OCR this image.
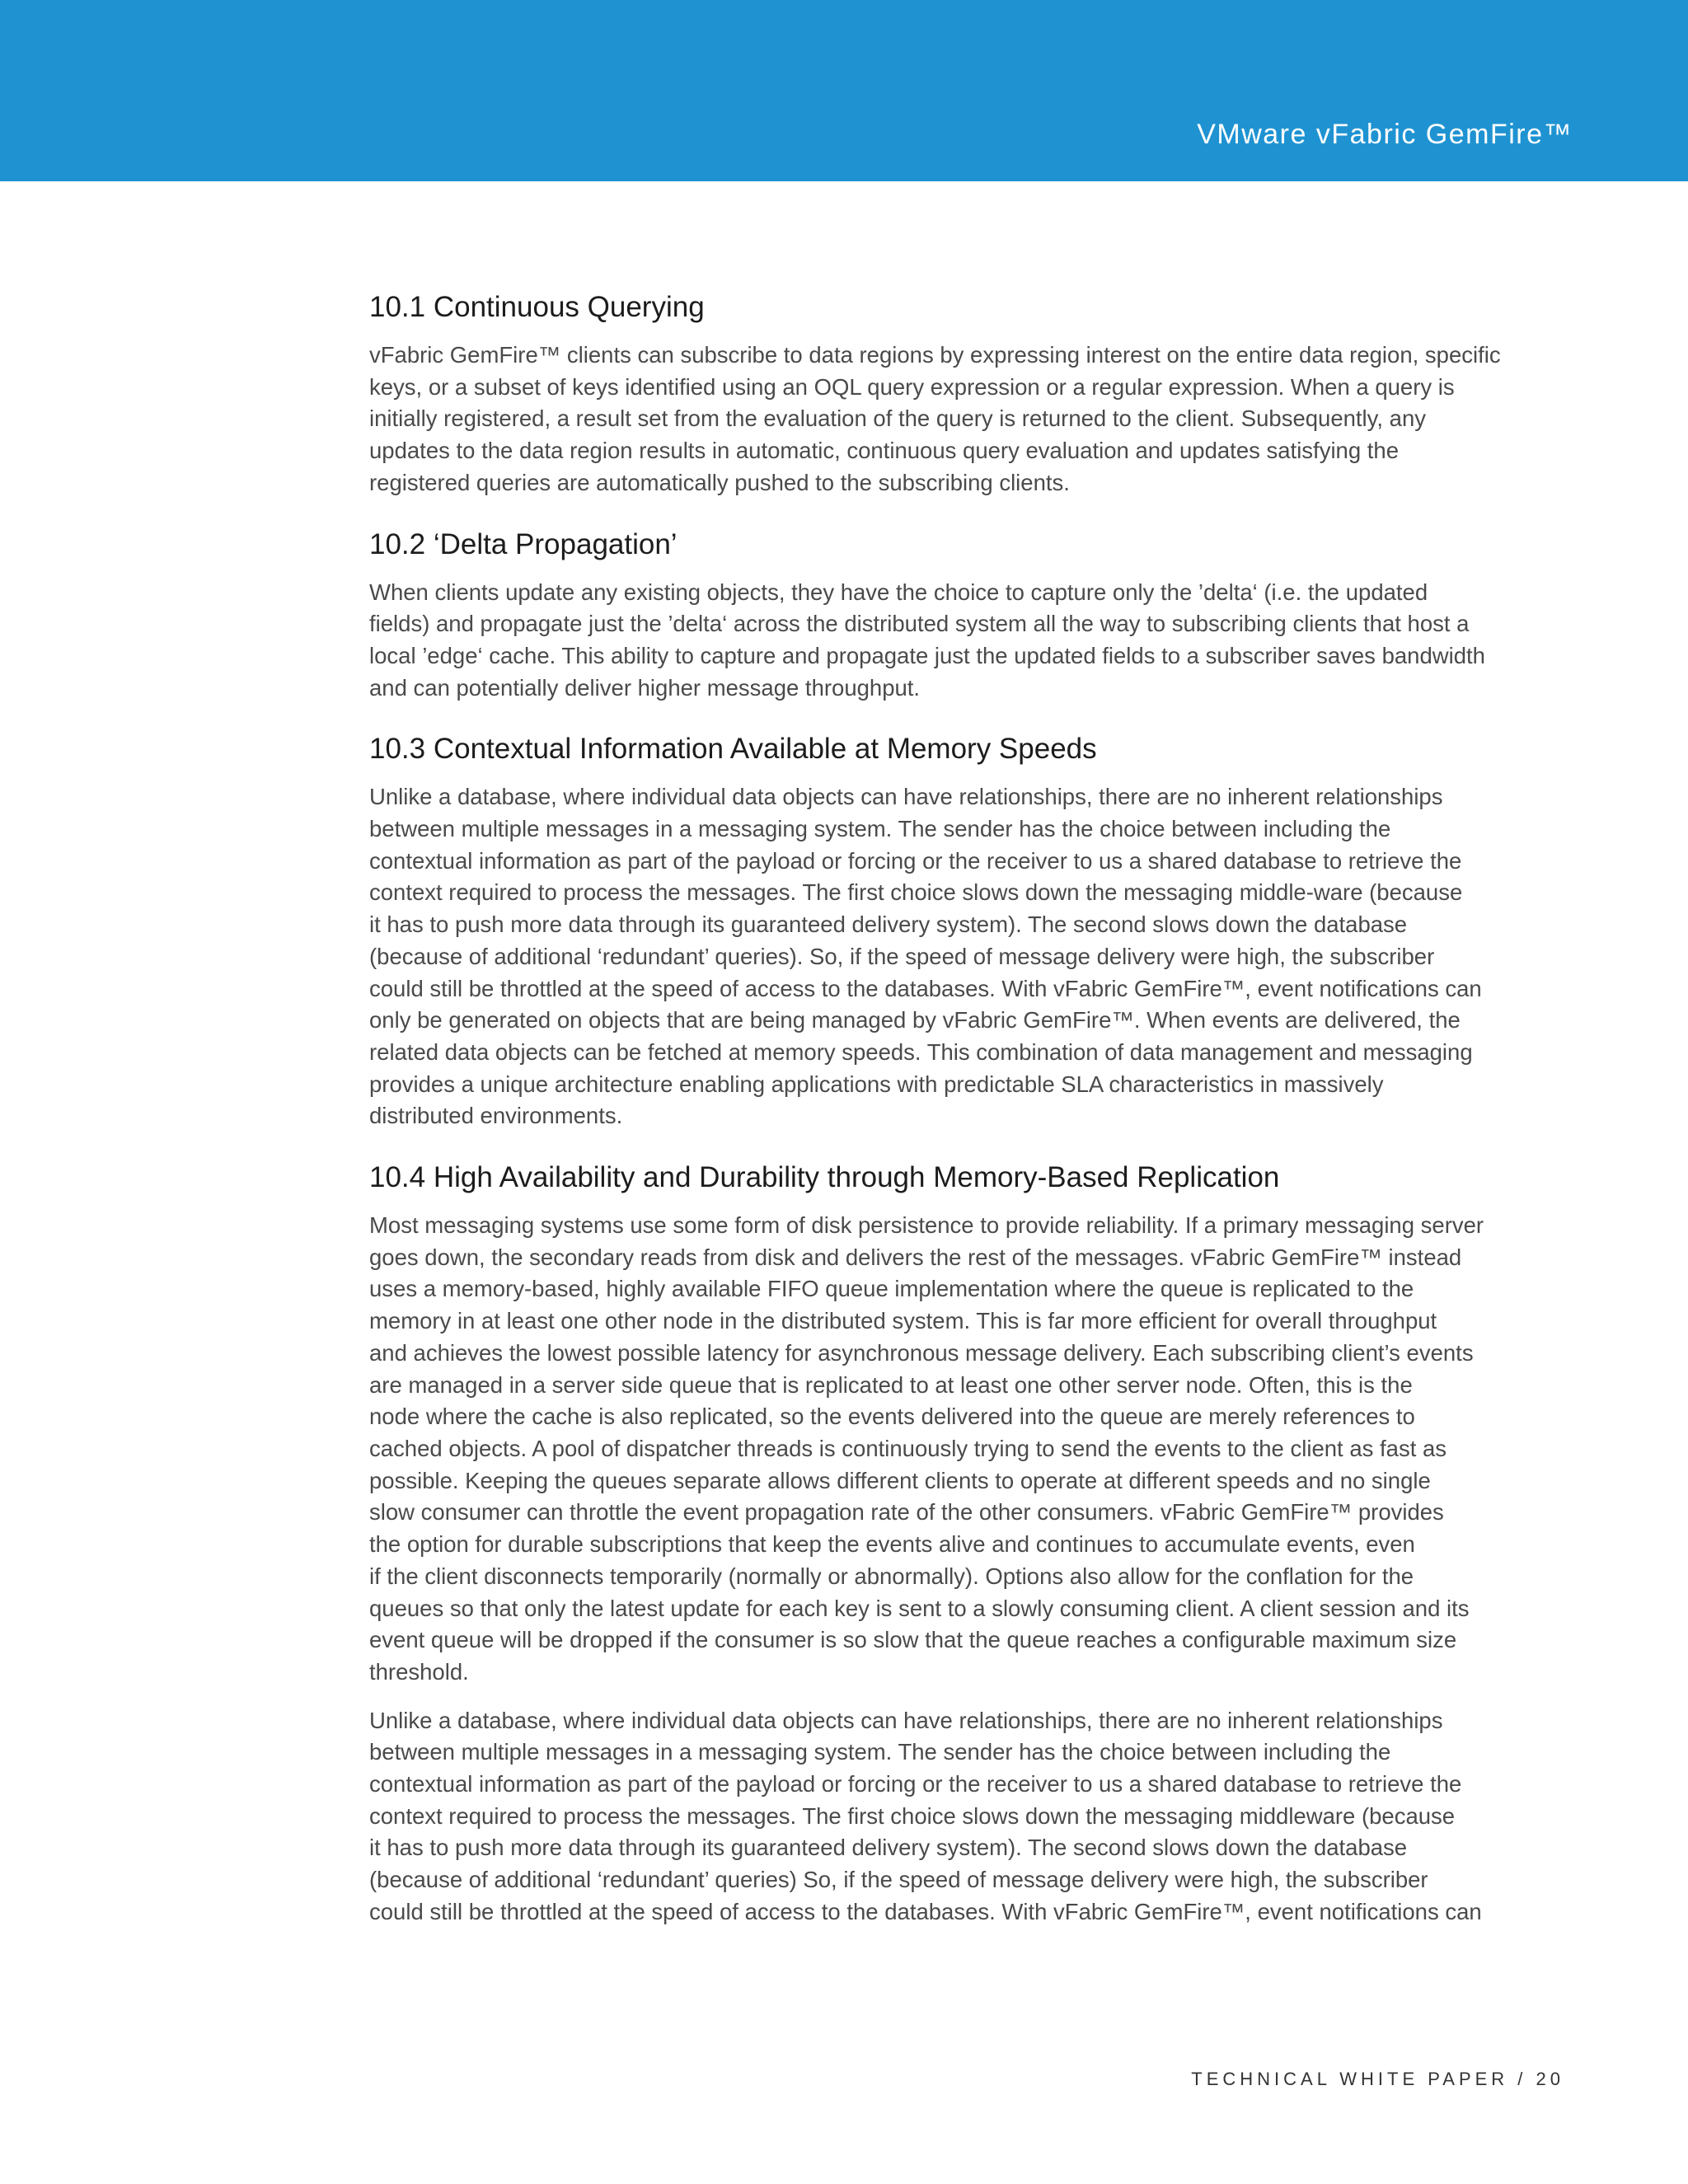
VMware vFabric GemFire™
10.1 Continuous Querying

vFabric GemFire™ clients can subscribe to data regions by expressing interest on the entire data region, specific
keys, or a subset of keys identified using an OQL query expression or a regular expression. When a query is
initially registered, a result set from the evaluation of the query is returned to the client. Subsequently, any
updates to the data region results in automatic, continuous query evaluation and updates satisfying the
registered queries are automatically pushed to the subscribing clients.

10.2 ‘Delta Propagation’

When clients update any existing objects, they have the choice to capture only the ’delta‘ (i.e. the updated
fields) and propagate just the ’delta‘ across the distributed system all the way to subscribing clients that host a
local ’edge‘ cache. This ability to capture and propagate just the updated fields to a subscriber saves bandwidth
and can potentially deliver higher message throughput.

10.3 Contextual Information Available at Memory Speeds

Unlike a database, where individual data objects can have relationships, there are no inherent relationships
between multiple messages in a messaging system. The sender has the choice between including the
contextual information as part of the payload or forcing or the receiver to us a shared database to retrieve the
context required to process the messages. The first choice slows down the messaging middle-ware (because
it has to push more data through its guaranteed delivery system). The second slows down the database
(because of additional ‘redundant’ queries). So, if the speed of message delivery were high, the subscriber
could still be throttled at the speed of access to the databases. With vFabric GemFire™, event notifications can
only be generated on objects that are being managed by vFabric GemFire™. When events are delivered, the
related data objects can be fetched at memory speeds. This combination of data management and messaging
provides a unique architecture enabling applications with predictable SLA characteristics in massively
distributed environments.

10.4 High Availability and Durability through Memory-Based Replication

Most messaging systems use some form of disk persistence to provide reliability. If a primary messaging server
goes down, the secondary reads from disk and delivers the rest of the messages. vFabric GemFire™ instead
uses a memory-based, highly available FIFO queue implementation where the queue is replicated to the
memory in at least one other node in the distributed system. This is far more efficient for overall throughput
and achieves the lowest possible latency for asynchronous message delivery. Each subscribing client’s events
are managed in a server side queue that is replicated to at least one other server node. Often, this is the
node where the cache is also replicated, so the events delivered into the queue are merely references to
cached objects. A pool of dispatcher threads is continuously trying to send the events to the client as fast as
possible. Keeping the queues separate allows different clients to operate at different speeds and no single
slow consumer can throttle the event propagation rate of the other consumers. vFabric GemFire™ provides
the option for durable subscriptions that keep the events alive and continues to accumulate events, even
if the client disconnects temporarily (normally or abnormally). Options also allow for the conflation for the
queues so that only the latest update for each key is sent to a slowly consuming client. A client session and its
event queue will be dropped if the consumer is so slow that the queue reaches a configurable maximum size
threshold.

Unlike a database, where individual data objects can have relationships, there are no inherent relationships
between multiple messages in a messaging system. The sender has the choice between including the
contextual information as part of the payload or forcing or the receiver to us a shared database to retrieve the
context required to process the messages. The first choice slows down the messaging middleware (because
it has to push more data through its guaranteed delivery system). The second slows down the database
(because of additional ‘redundant’ queries) So, if the speed of message delivery were high, the subscriber
could still be throttled at the speed of access to the databases. With vFabric GemFire™, event notifications can

TECHNICAL WHITE PAPER / 20
